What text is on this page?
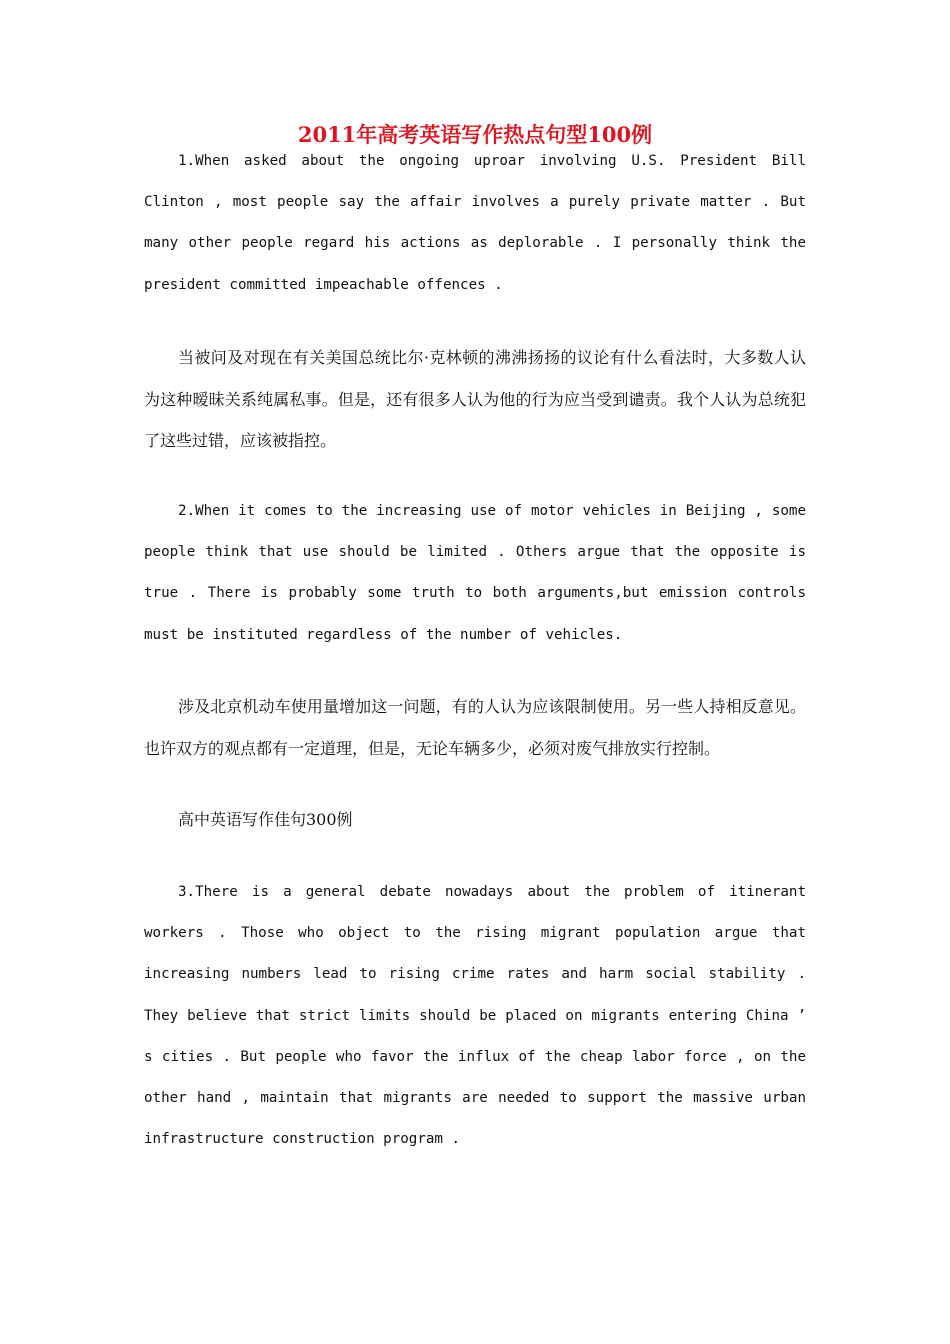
2011年高考英语写作热点句型100例

1.When asked about the ongoing uproar involving U.S. President Bill Clinton , most people say the affair involves a purely private matter . But many other people regard his actions as deplorable . I personally think the president committed impeachable offences .

当被问及对现在有关美国总统比尔·克林顿的沸沸扬扬的议论有什么看法时，大多数人认为这种暧昧关系纯属私事。但是，还有很多人认为他的行为应当受到谴责。我个人认为总统犯了这些过错，应该被指控。

2.When it comes to the increasing use of motor vehicles in Beijing , some people think that use should be limited . Others argue that the opposite is true . There is probably some truth to both arguments,but emission controls must be instituted regardless of the number of vehicles.

涉及北京机动车使用量增加这一问题，有的人认为应该限制使用。另一些人持相反意见。也许双方的观点都有一定道理，但是，无论车辆多少，必须对废气排放实行控制。

高中英语写作佳句300例

3.There is a general debate nowadays about the problem of itinerant workers . Those who object to the rising migrant population argue that increasing numbers lead to rising crime rates and harm social stability . They believe that strict limits should be placed on migrants entering China ’ s cities . But people who favor the influx of the cheap labor force , on the other hand , maintain that migrants are needed to support the massive urban infrastructure construction program .
